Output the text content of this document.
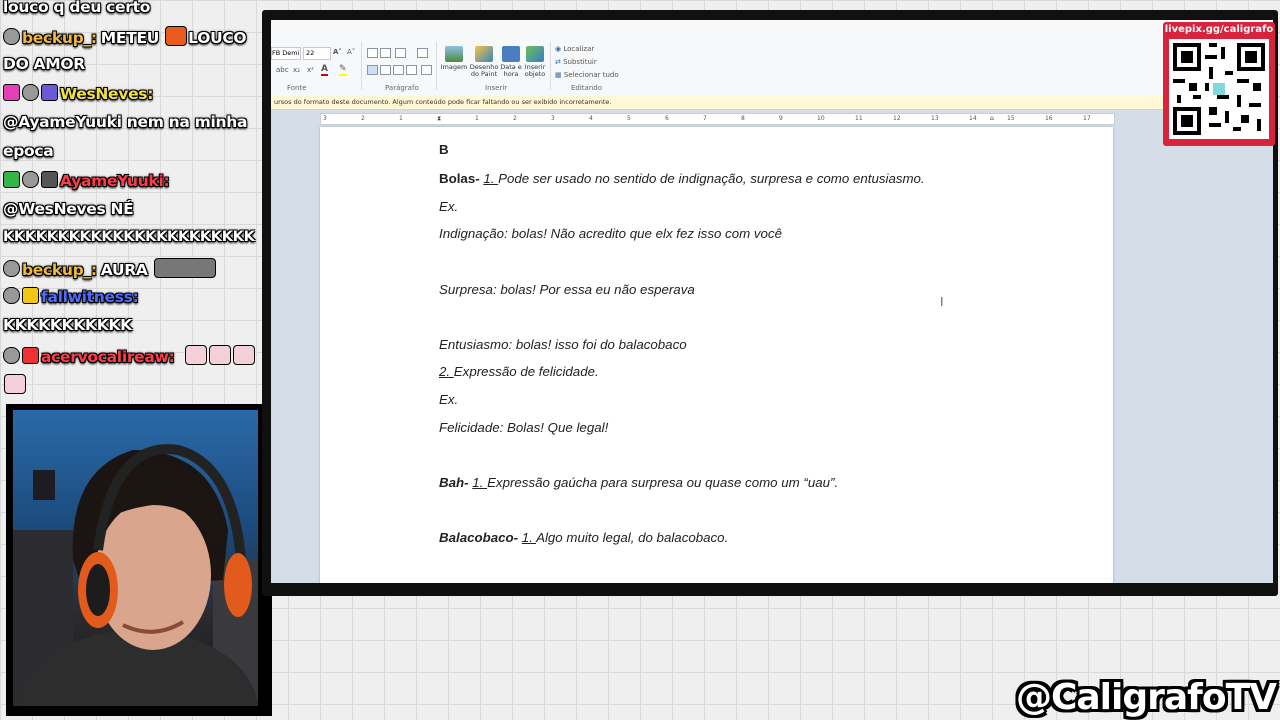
louco q deu certo
beckup_: METEU LOUCO
DO AMOR
WesNeves:
@AyameYuuki nem na minha
epoca
AyameYuuki:
@WesNeves NÉ
KKKKKKKKKKKKKKKKKKKKKKK
beckup_: AURA
fallwitness:
KKKKKKKKKKK
acervocalireaw:
FB Demi	22	A˄ A˅
abc x₂ x² A ✎
Fonte	Parágrafo
Imagem Desenho
do Paint
Data e
hora
Inserir
objeto
Inserir
◉ Localizar
⇄ Substituir
▦ Selecionar tudo
Editando
ursos do formato deste documento. Algum conteúdo pode ficar faltando ou ser exibido incorretamente.
3	2	1	⧗	1	2	3	4	5	6	7	8	9	10	11	12	13	14 ⌂ 15	16	17
B
Bolas- 1. Pode ser usado no sentido de indignação, surpresa e como entusiasmo.
Ex.
Indignação: bolas! Não acredito que elx fez isso com você
Surpresa: bolas! Por essa eu não esperava
Entusiasmo: bolas! isso foi do balacobaco
2. Expressão de felicidade.
Ex.
Felicidade: Bolas! Que legal!
Bah- 1. Expressão gaúcha para surpresa ou quase como um “uau”.
Balacobaco- 1. Algo muito legal, do balacobaco.
I
livepix.gg/caligrafo
@CaligrafoTV
